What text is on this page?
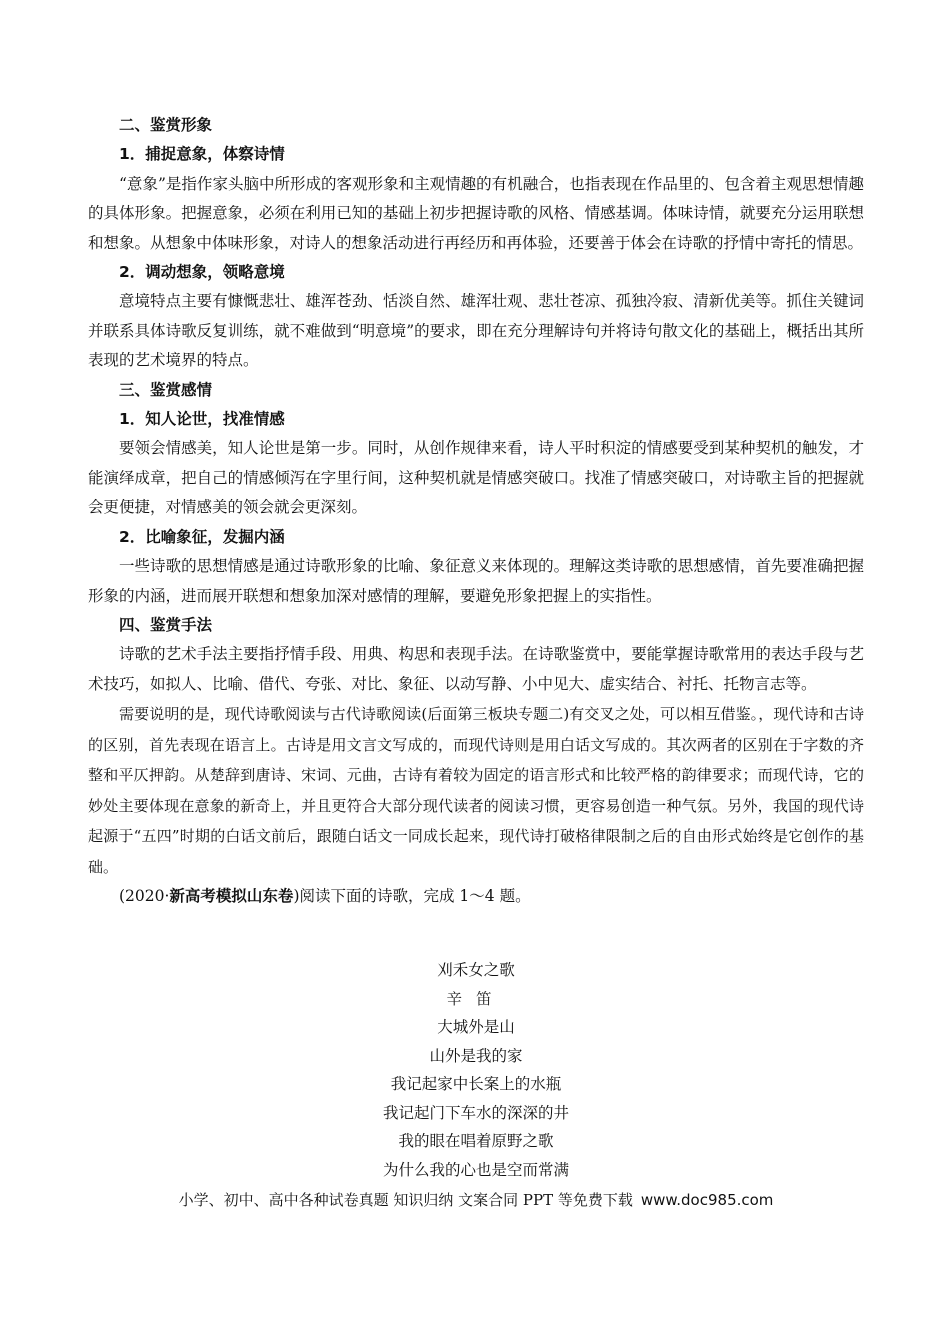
二、鉴赏形象
1．捕捉意象，体察诗情
“意象”是指作家头脑中所形成的客观形象和主观情趣的有机融合，也指表现在作品里的、包含着主观思想情趣的具体形象。把握意象，必须在利用已知的基础上初步把握诗歌的风格、情感基调。体味诗情，就要充分运用联想和想象。从想象中体味形象，对诗人的想象活动进行再经历和再体验，还要善于体会在诗歌的抒情中寄托的情思。
2．调动想象，领略意境
意境特点主要有慷慨悲壮、雄浑苍劲、恬淡自然、雄浑壮观、悲壮苍凉、孤独冷寂、清新优美等。抓住关键词并联系具体诗歌反复训练，就不难做到“明意境”的要求，即在充分理解诗句并将诗句散文化的基础上，概括出其所表现的艺术境界的特点。
三、鉴赏感情
1．知人论世，找准情感
要领会情感美，知人论世是第一步。同时，从创作规律来看，诗人平时积淀的情感要受到某种契机的触发，才能演绎成章，把自己的情感倾泻在字里行间，这种契机就是情感突破口。找准了情感突破口，对诗歌主旨的把握就会更便捷，对情感美的领会就会更深刻。
2．比喻象征，发掘内涵
一些诗歌的思想情感是通过诗歌形象的比喻、象征意义来体现的。理解这类诗歌的思想感情，首先要准确把握形象的内涵，进而展开联想和想象加深对感情的理解，要避免形象把握上的实指性。
四、鉴赏手法
诗歌的艺术手法主要指抒情手段、用典、构思和表现手法。在诗歌鉴赏中，要能掌握诗歌常用的表达手段与艺术技巧，如拟人、比喻、借代、夸张、对比、象征、以动写静、小中见大、虚实结合、衬托、托物言志等。
需要说明的是，现代诗歌阅读与古代诗歌阅读(后面第三板块专题二)有交叉之处，可以相互借鉴。，现代诗和古诗的区别，首先表现在语言上。古诗是用文言文写成的，而现代诗则是用白话文写成的。其次两者的区别在于字数的齐整和平仄押韵。从楚辞到唐诗、宋词、元曲，古诗有着较为固定的语言形式和比较严格的韵律要求；而现代诗，它的妙处主要体现在意象的新奇上，并且更符合大部分现代读者的阅读习惯，更容易创造一种气氛。另外，我国的现代诗起源于“五四”时期的白话文前后，跟随白话文一同成长起来，现代诗打破格律限制之后的自由形式始终是它创作的基础。
(2020·新高考模拟山东卷)阅读下面的诗歌，完成 1～4 题。
刈禾女之歌
辛笛
大城外是山
山外是我的家
我记起家中长案上的水瓶
我记起门下车水的深深的井
我的眼在唱着原野之歌
为什么我的心也是空而常满
小学、初中、高中各种试卷真题 知识归纳 文案合同 PPT 等免费下载 www.doc985.com
